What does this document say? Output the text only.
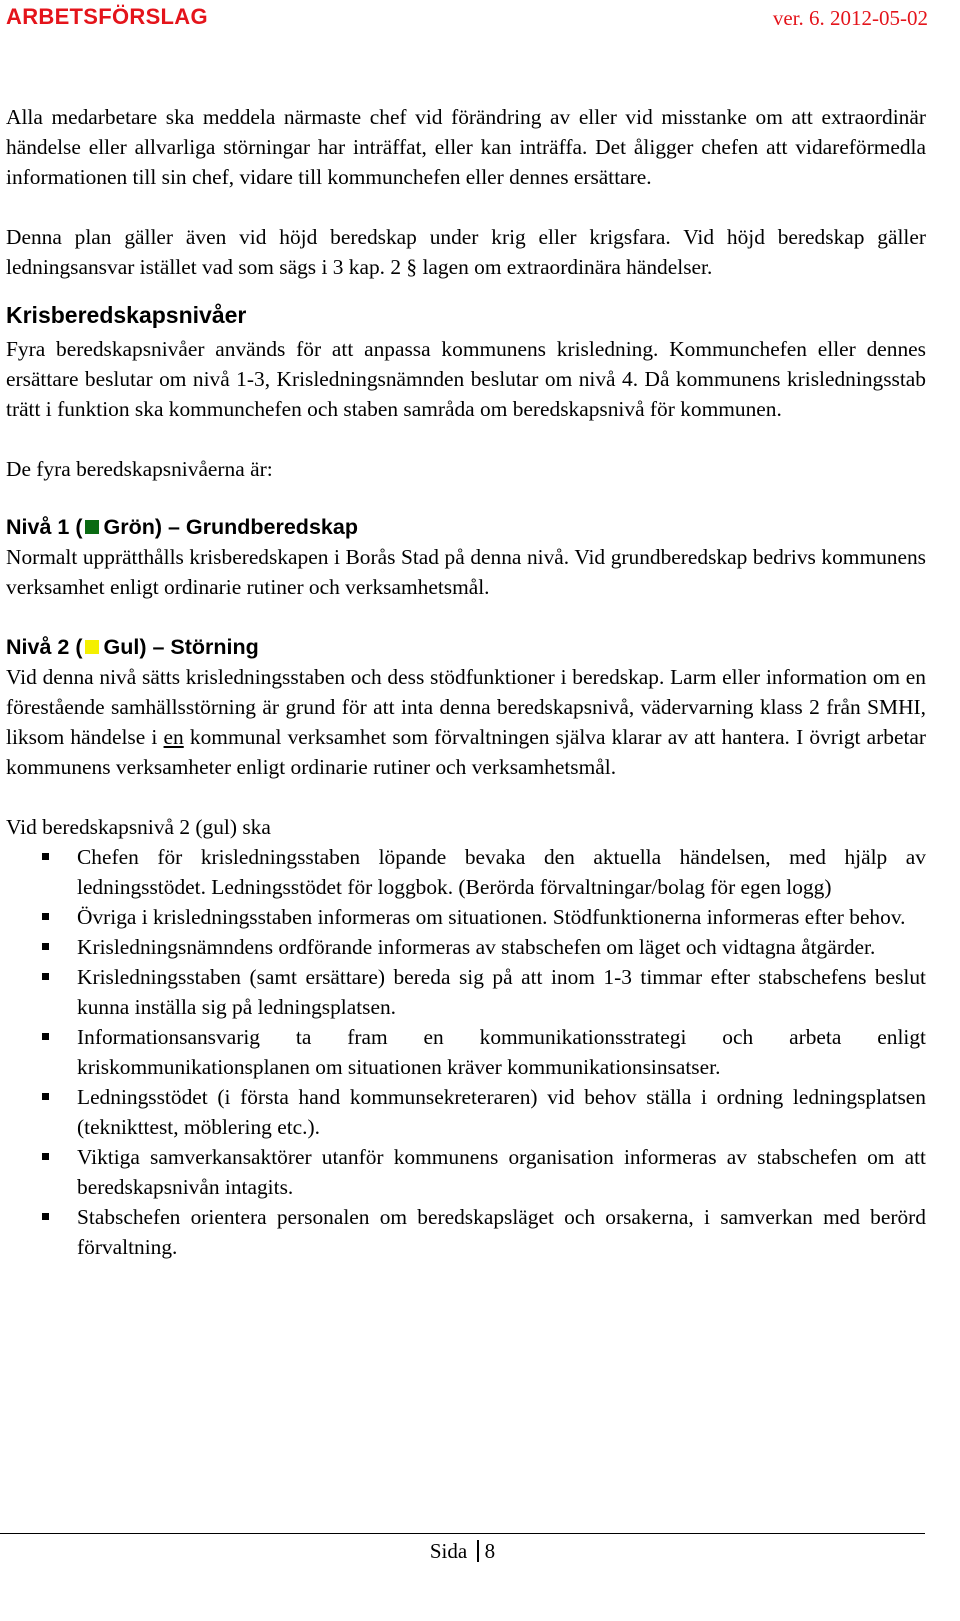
ARBETSFÖRSLAG	ver. 6. 2012-05-02

Alla medarbetare ska meddela närmaste chef vid förändring av eller vid misstanke om att extraordinär händelse eller allvarliga störningar har inträffat, eller kan inträffa. Det åligger chefen att vidareförmedla informationen till sin chef, vidare till kommunchefen eller dennes ersättare.

Denna plan gäller även vid höjd beredskap under krig eller krigsfara. Vid höjd beredskap gäller ledningsansvar istället vad som sägs i 3 kap. 2 § lagen om extraordinära händelser.

Krisberedskapsnivåer

Fyra beredskapsnivåer används för att anpassa kommunens krisledning. Kommunchefen eller dennes ersättare beslutar om nivå 1-3, Krisledningsnämnden beslutar om nivå 4. Då kommunens krisledningsstab trätt i funktion ska kommunchefen och staben samråda om beredskapsnivå för kommunen.

De fyra beredskapsnivåerna är:

Nivå 1 ( Grön) – Grundberedskap

Normalt upprätthålls krisberedskapen i Borås Stad på denna nivå. Vid grundberedskap bedrivs kommunens verksamhet enligt ordinarie rutiner och verksamhetsmål.

Nivå 2 ( Gul) – Störning

Vid denna nivå sätts krisledningsstaben och dess stödfunktioner i beredskap. Larm eller information om en förestående samhällsstörning är grund för att inta denna beredskapsnivå, vädervarning klass 2 från SMHI, liksom händelse i en kommunal verksamhet som förvaltningen själva klarar av att hantera. I övrigt arbetar kommunens verksamheter enligt ordinarie rutiner och verksamhetsmål.

Vid beredskapsnivå 2 (gul) ska

Chefen för krisledningsstaben löpande bevaka den aktuella händelsen, med hjälp av ledningsstödet. Ledningsstödet för loggbok. (Berörda förvaltningar/bolag för egen logg)
Övriga i krisledningsstaben informeras om situationen. Stödfunktionerna informeras efter behov.
Krisledningsnämndens ordförande informeras av stabschefen om läget och vidtagna åtgärder.
Krisledningsstaben (samt ersättare) bereda sig på att inom 1-3 timmar efter stabschefens beslut kunna inställa sig på ledningsplatsen.
Informationsansvarig ta fram en kommunikationsstrategi och arbeta enligt kriskommunikationsplanen om situationen kräver kommunikationsinsatser.
Ledningsstödet (i första hand kommunsekreteraren) vid behov ställa i ordning ledningsplatsen (teknikttest, möblering etc.).
Viktiga samverkansaktörer utanför kommunens organisation informeras av stabschefen om att beredskapsnivån intagits.
Stabschefen orientera personalen om beredskapsläget och orsakerna, i samverkan med berörd förvaltning.
Sida 8
